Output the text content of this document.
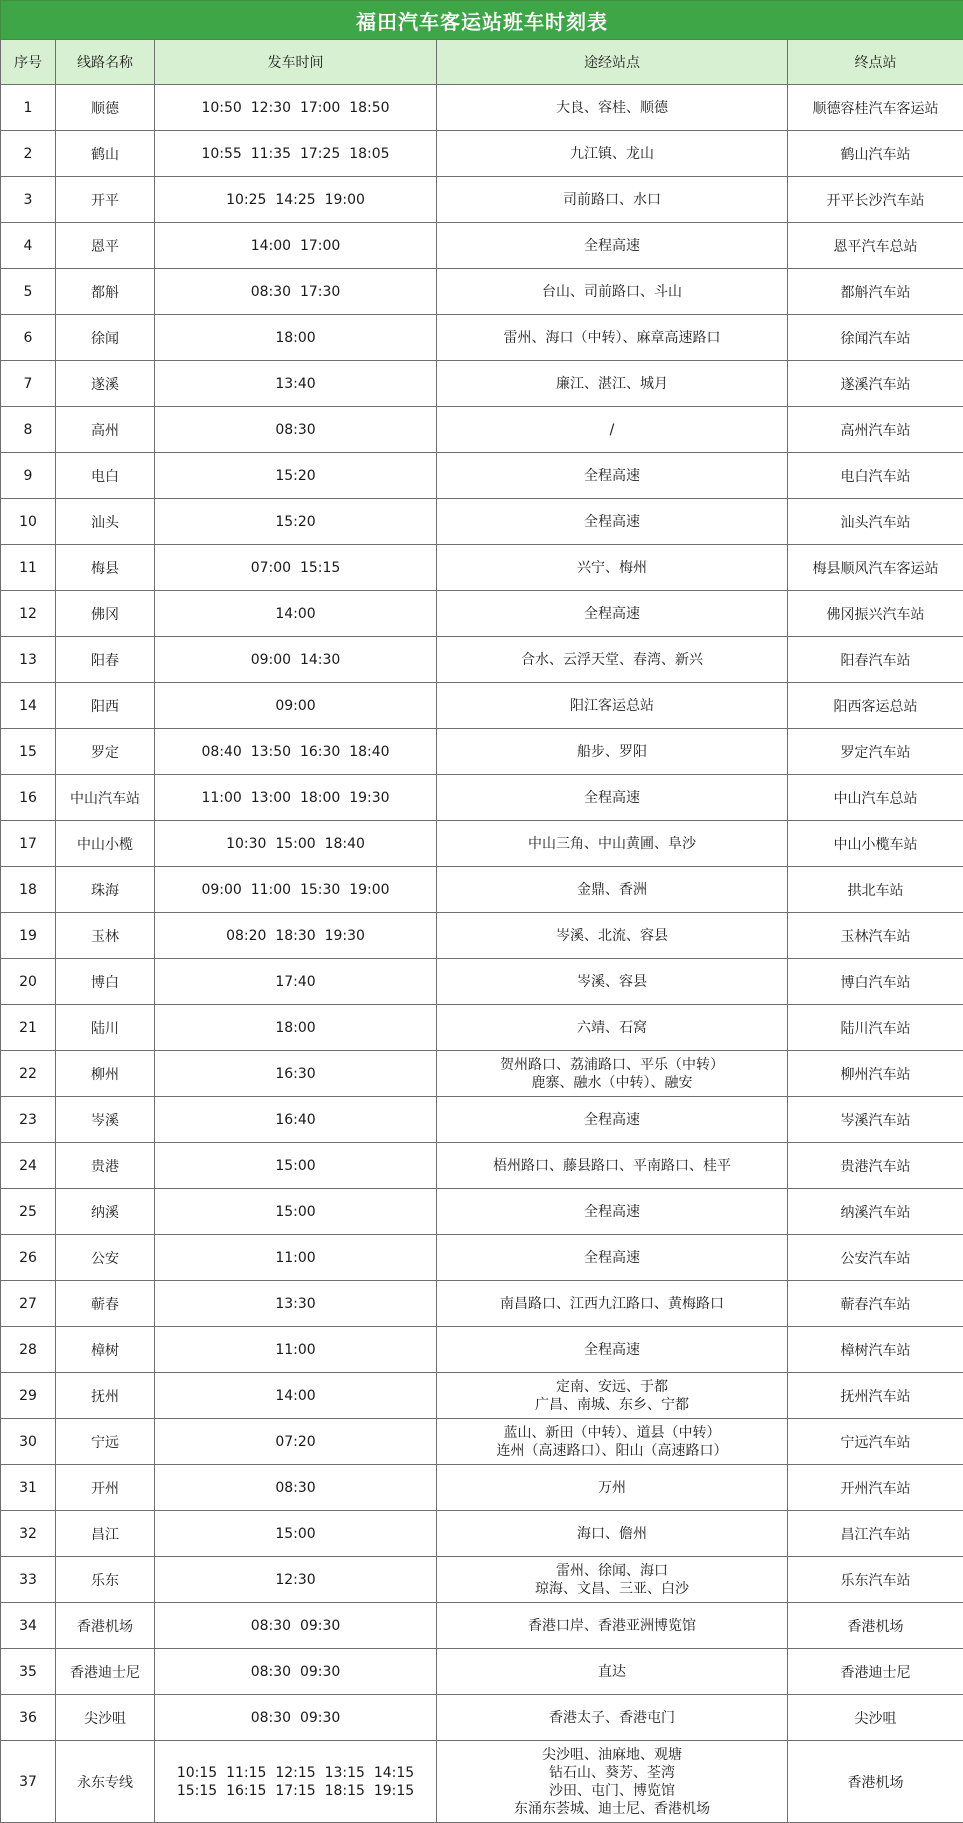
福田汽车客运站班车时刻表				
序号	线路名称	发车时间	途经站点	终点站
1	顺德	10:50  12:30  17:00  18:50	大良、容桂、顺德	顺德容桂汽车客运站
2	鹤山	10:55  11:35  17:25  18:05	九江镇、龙山	鹤山汽车站
3	开平	10:25  14:25  19:00	司前路口、水口	开平长沙汽车站
4	恩平	14:00  17:00	全程高速	恩平汽车总站
5	都斛	08:30  17:30	台山、司前路口、斗山	都斛汽车站
6	徐闻	18:00	雷州、海口（中转）、麻章高速路口	徐闻汽车站
7	遂溪	13:40	廉江、湛江、城月	遂溪汽车站
8	高州	08:30	/	高州汽车站
9	电白	15:20	全程高速	电白汽车站
10	汕头	15:20	全程高速	汕头汽车站
11	梅县	07:00  15:15	兴宁、梅州	梅县顺风汽车客运站
12	佛冈	14:00	全程高速	佛冈振兴汽车站
13	阳春	09:00  14:30	合水、云浮天堂、春湾、新兴	阳春汽车站
14	阳西	09:00	阳江客运总站	阳西客运总站
15	罗定	08:40  13:50  16:30  18:40	船步、罗阳	罗定汽车站
16	中山汽车站	11:00  13:00  18:00  19:30	全程高速	中山汽车总站
17	中山小榄	10:30  15:00  18:40	中山三角、中山黄圃、阜沙	中山小榄车站
18	珠海	09:00  11:00  15:30  19:00	金鼎、香洲	拱北车站
19	玉林	08:20  18:30  19:30	岑溪、北流、容县	玉林汽车站
20	博白	17:40	岑溪、容县	博白汽车站
21	陆川	18:00	六靖、石窝	陆川汽车站
22	柳州	16:30	贺州路口、荔浦路口、平乐（中转）
鹿寨、融水（中转）、融安	柳州汽车站
23	岑溪	16:40	全程高速	岑溪汽车站
24	贵港	15:00	梧州路口、藤县路口、平南路口、桂平	贵港汽车站
25	纳溪	15:00	全程高速	纳溪汽车站
26	公安	11:00	全程高速	公安汽车站
27	蕲春	13:30	南昌路口、江西九江路口、黄梅路口	蕲春汽车站
28	樟树	11:00	全程高速	樟树汽车站
29	抚州	14:00	定南、安远、于都
广昌、南城、东乡、宁都	抚州汽车站
30	宁远	07:20	蓝山、新田（中转）、道县（中转）
连州（高速路口）、阳山（高速路口）	宁远汽车站
31	开州	08:30	万州	开州汽车站
32	昌江	15:00	海口、儋州	昌江汽车站
33	乐东	12:30	雷州、徐闻、海口
琼海、文昌、三亚、白沙	乐东汽车站
34	香港机场	08:30  09:30	香港口岸、香港亚洲博览馆	香港机场
35	香港迪士尼	08:30  09:30	直达	香港迪士尼
36	尖沙咀	08:30  09:30	香港太子、香港屯门	尖沙咀
37	永东专线	10:15  11:15  12:15  13:15  14:15
15:15  16:15  17:15  18:15  19:15	尖沙咀、油麻地、观塘
钻石山、葵芳、荃湾
沙田、屯门、博览馆
东涌东荟城、迪士尼、香港机场	香港机场
